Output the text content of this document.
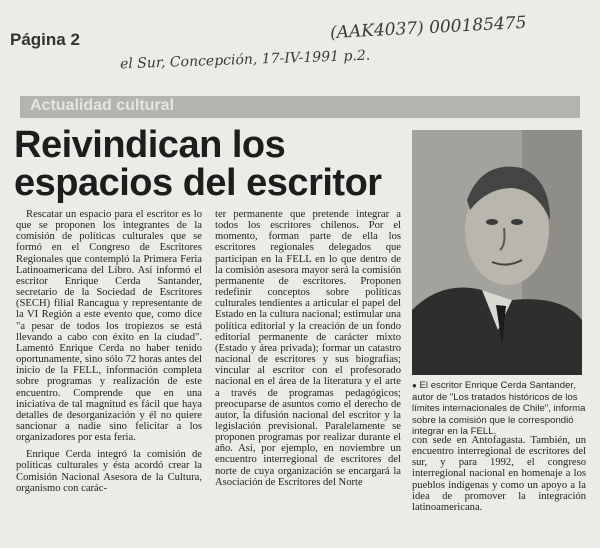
Página 2	(AAK4037) 000185475
el Sur, Concepción, 17-IV-1991 p.2.
Actualidad cultural
Reivindican los
espacios del escritor

Rescatar un espacio para el escritor es lo que se proponen los integrantes de la comisión de políticas culturales que se formó en el Congreso de Escritores Regionales que contempló la Primera Feria Latinoamericana del Libro. Así informó el escritor Enrique Cerda Santander, secretario de la Sociedad de Escritores (SECH) filial Rancagua y representante de la VI Región a este evento que, como dice "a pesar de todos los tropiezos se está llevando a cabo con éxito en la ciudad". Lamentó Enrique Cerda no haber tenido oportunamente, sino sólo 72 horas antes del inicio de la FELL, información completa sobre programas y realización de este encuentro. Comprende que en una iniciativa de tal magnitud es fácil que haya detalles de desorganización y él no quiere sancionar a nadie sino felicitar a los organizadores por esta feria.

Enrique Cerda integró la comisión de políticas culturales y ésta acordó crear la Comisión Nacional Asesora de la Cultura, organismo con carác-

ter permanente que pretende integrar a todos los escritores chilenos. Por el momento, forman parte de ella los escritores regionales delegados que participan en la FELL en lo que dentro de la comisión asesora mayor será la comisión permanente de escritores. Proponen redefinir conceptos sobre políticas culturales tendientes a articular el papel del Estado en la cultura nacional; estimular una política editorial y la creación de un fondo editorial permanente de carácter mixto (Estado y área privada); formar un catastro nacional de escritores y sus biografías; vincular al escritor con el profesorado nacional en el área de la literatura y el arte a través de programas pedagógicos; preocuparse de asuntos como el derecho de autor, la difusión nacional del escritor y la legislación previsional. Paralelamente se proponen programas por realizar durante el año. Así, por ejemplo, en noviembre un encuentro interregional de escritores del norte de cuya organización se encargará la Asociación de Escritores del Norte

● El escritor Enrique Cerda Santander, autor de "Los tratados históricos de los límites internacionales de Chile", informa sobre la comisión que le correspondió integrar en la FELL.

con sede en Antofagasta. También, un encuentro interregional de escritores del sur, y para 1992, el congreso interregional nacional en homenaje a los pueblos indígenas y como un apoyo a la idea de promover la integración latinoamericana.
